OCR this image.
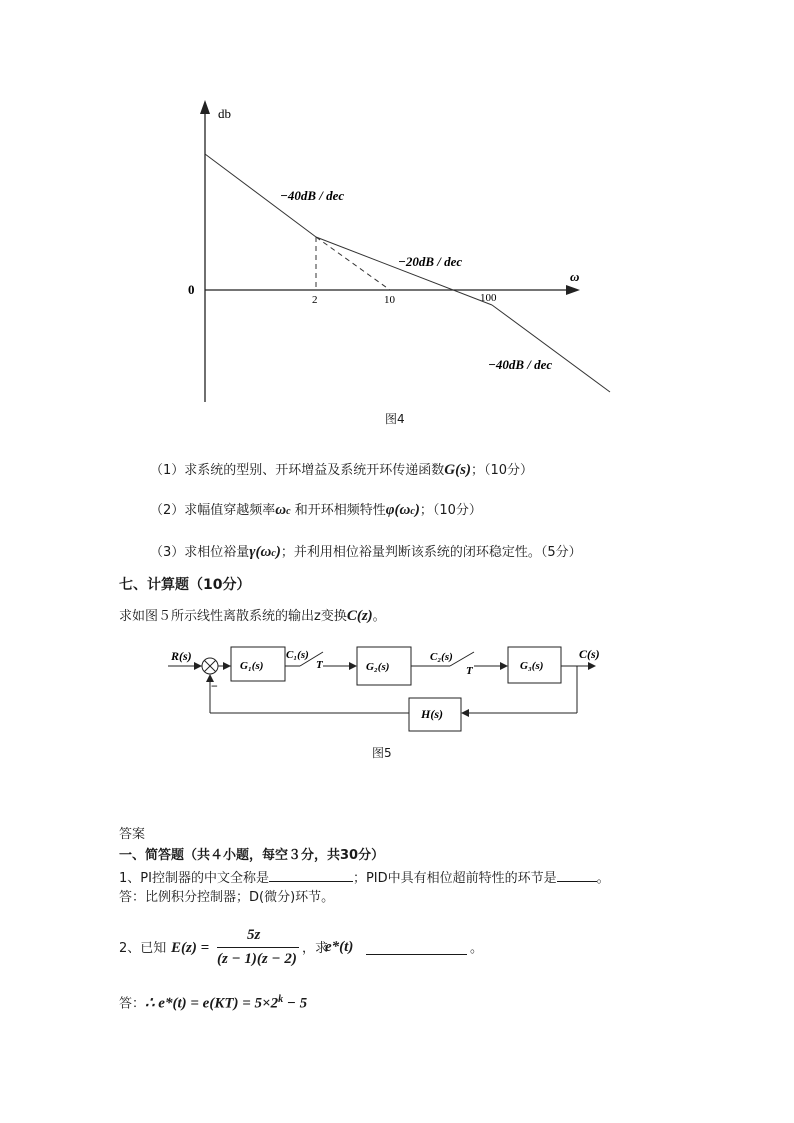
db
ω
0
2	10	100
−40dB / dec
−20dB / dec
−40dB / dec
图4
（1）求系统的型别、开环增益及系统开环传递函数G(s)；（10分）
（2）求幅值穿越频率ωc 和开环相频特性φ(ωc)；（10分）
（3）求相位裕量γ(ωc)；并利用相位裕量判断该系统的闭环稳定性。（5分）
七、计算题（10分）
求如图５所示线性离散系统的输出z变换C(z)。
R(s)
−
G₁(s)
C₁(s)
T	G₂(s)
C₂(s)
T	G₃(s)
C(s)
H(s)
图5
答案
一、简答题（共４小题，每空３分，共30分）
1、PI控制器的中文全称是	；PID中具有相位超前特性的环节是	。
答：比例积分控制器；D(微分)环节。
2、已知 E(z) =
5z
(z − 1)(z − 2)
，求
e*(t)	。
答：∴ $e*(t) = e(KT) = 5\times 2^k - 5$
